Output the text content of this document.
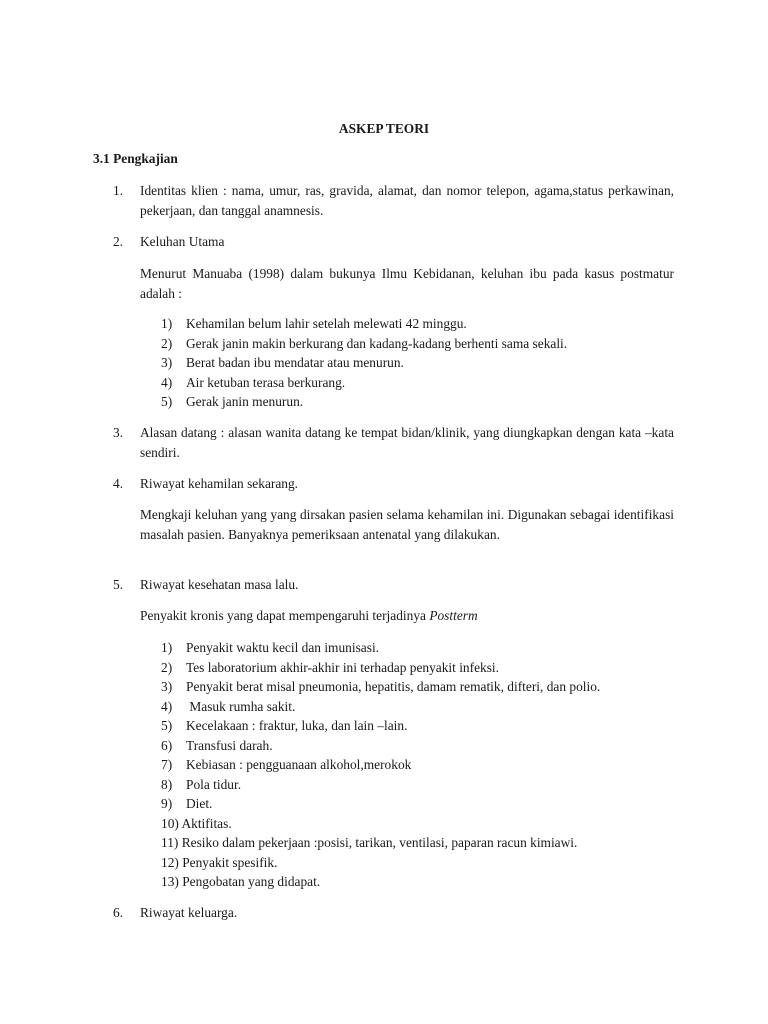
ASKEP TEORI
3.1 Pengkajian
1. Identitas klien : nama, umur, ras, gravida, alamat, dan nomor telepon, agama,status perkawinan, pekerjaan, dan tanggal anamnesis.
2. Keluhan Utama
Menurut Manuaba (1998) dalam bukunya Ilmu Kebidanan, keluhan ibu pada kasus postmatur adalah :
1) Kehamilan belum lahir setelah melewati 42 minggu.
2) Gerak janin makin berkurang dan kadang-kadang berhenti sama sekali.
3) Berat badan ibu mendatar atau menurun.
4) Air ketuban terasa berkurang.
5) Gerak janin menurun.
3. Alasan datang : alasan wanita datang ke tempat bidan/klinik, yang diungkapkan dengan kata –kata sendiri.
4. Riwayat kehamilan sekarang.
Mengkaji keluhan yang yang dirsakan pasien selama kehamilan ini. Digunakan sebagai identifikasi masalah pasien. Banyaknya pemeriksaan antenatal yang dilakukan.
5. Riwayat kesehatan masa lalu.
Penyakit kronis yang dapat mempengaruhi terjadinya Postterm
1) Penyakit waktu kecil dan imunisasi.
2) Tes laboratorium akhir-akhir ini terhadap penyakit infeksi.
3) Penyakit berat misal pneumonia, hepatitis, damam rematik, difteri, dan polio.
4) Masuk rumha sakit.
5) Kecelakaan : fraktur, luka, dan lain –lain.
6) Transfusi darah.
7) Kebiasan : pengguanaan alkohol,merokok
8) Pola tidur.
9) Diet.
10) Aktifitas.
11) Resiko dalam pekerjaan :posisi, tarikan, ventilasi, paparan racun kimiawi.
12) Penyakit spesifik.
13) Pengobatan yang didapat.
6. Riwayat keluarga.
